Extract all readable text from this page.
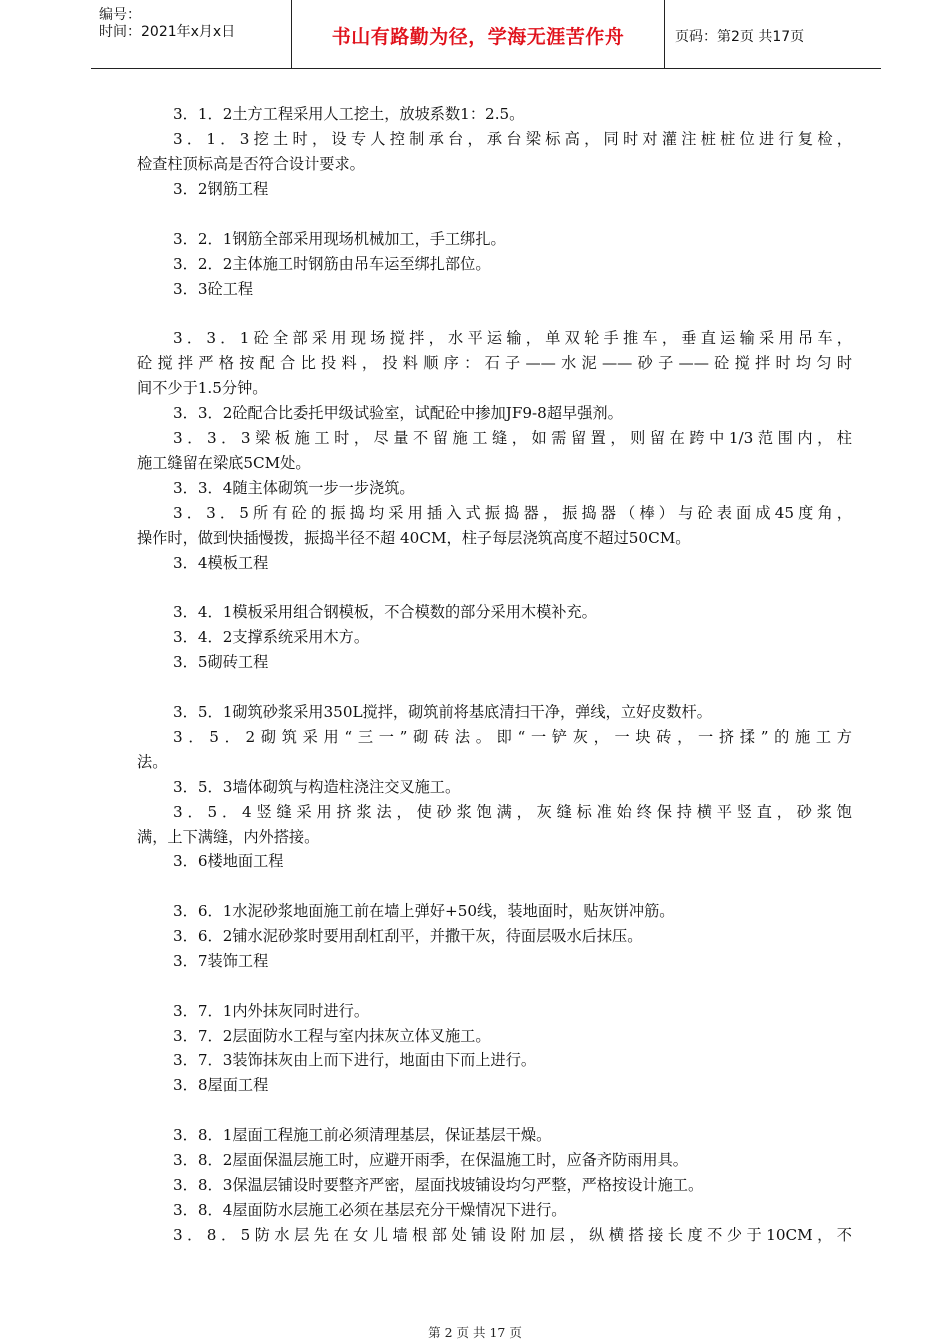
编号：
时间：2021年x月x日	书山有路勤为径，学海无涯苦作舟	页码：第2页 共17页
3．1．2土方工程采用人工挖土，放坡系数1：2.5。
3．1．3挖土时，设专人控制承台，承台梁标高，同时对灌注桩桩位进行复检，
检查柱顶标高是否符合设计要求。
3．2钢筋工程
3．2．1钢筋全部采用现场机械加工，手工绑扎。
3．2．2主体施工时钢筋由吊车运至绑扎部位。
3．3砼工程
3．3．1砼全部采用现场搅拌，水平运输，单双轮手推车，垂直运输采用吊车，
砼搅拌严格按配合比投料，投料顺序：石子——水泥——砂子——砼搅拌时均匀时
间不少于1.5分钟。
3．3．2砼配合比委托甲级试验室，试配砼中掺加JF9-8超早强剂。
3．3．3梁板施工时，尽量不留施工缝，如需留置，则留在跨中1/3范围内，柱
施工缝留在梁底5CM处。
3．3．4随主体砌筑一步一步浇筑。
3．3．5所有砼的振捣均采用插入式振捣器，振捣器（棒）与砼表面成45度角，
操作时，做到快插慢拨，振捣半径不超 40CM，柱子每层浇筑高度不超过50CM。
3．4模板工程
3．4．1模板采用组合钢模板，不合模数的部分采用木模补充。
3．4．2支撑系统采用木方。
3．5砌砖工程
3．5．1砌筑砂浆采用350L搅拌，砌筑前将基底清扫干净，弹线，立好皮数杆。
3．5．2砌筑采用“三一”砌砖法。即“一铲灰，一块砖，一挤揉”的施工方
法。
3．5．3墙体砌筑与构造柱浇注交叉施工。
3．5．4竖缝采用挤浆法，使砂浆饱满，灰缝标准始终保持横平竖直，砂浆饱
满，上下满缝，内外搭接。
3．6楼地面工程
3．6．1水泥砂浆地面施工前在墙上弹好+50线，装地面时，贴灰饼冲筋。
3．6．2铺水泥砂浆时要用刮杠刮平，并撒干灰，待面层吸水后抹压。
3．7装饰工程
3．7．1内外抹灰同时进行。
3．7．2层面防水工程与室内抹灰立体叉施工。
3．7．3装饰抹灰由上而下进行，地面由下而上进行。
3．8屋面工程
3．8．1屋面工程施工前必须清理基层，保证基层干燥。
3．8．2屋面保温层施工时，应避开雨季，在保温施工时，应备齐防雨用具。
3．8．3保温层铺设时要整齐严密，屋面找坡铺设均匀严整，严格按设计施工。
3．8．4屋面防水层施工必须在基层充分干燥情况下进行。
3．8．5防水层先在女儿墙根部处铺设附加层，纵横搭接长度不少于10CM，不
第 2 页 共 17 页
